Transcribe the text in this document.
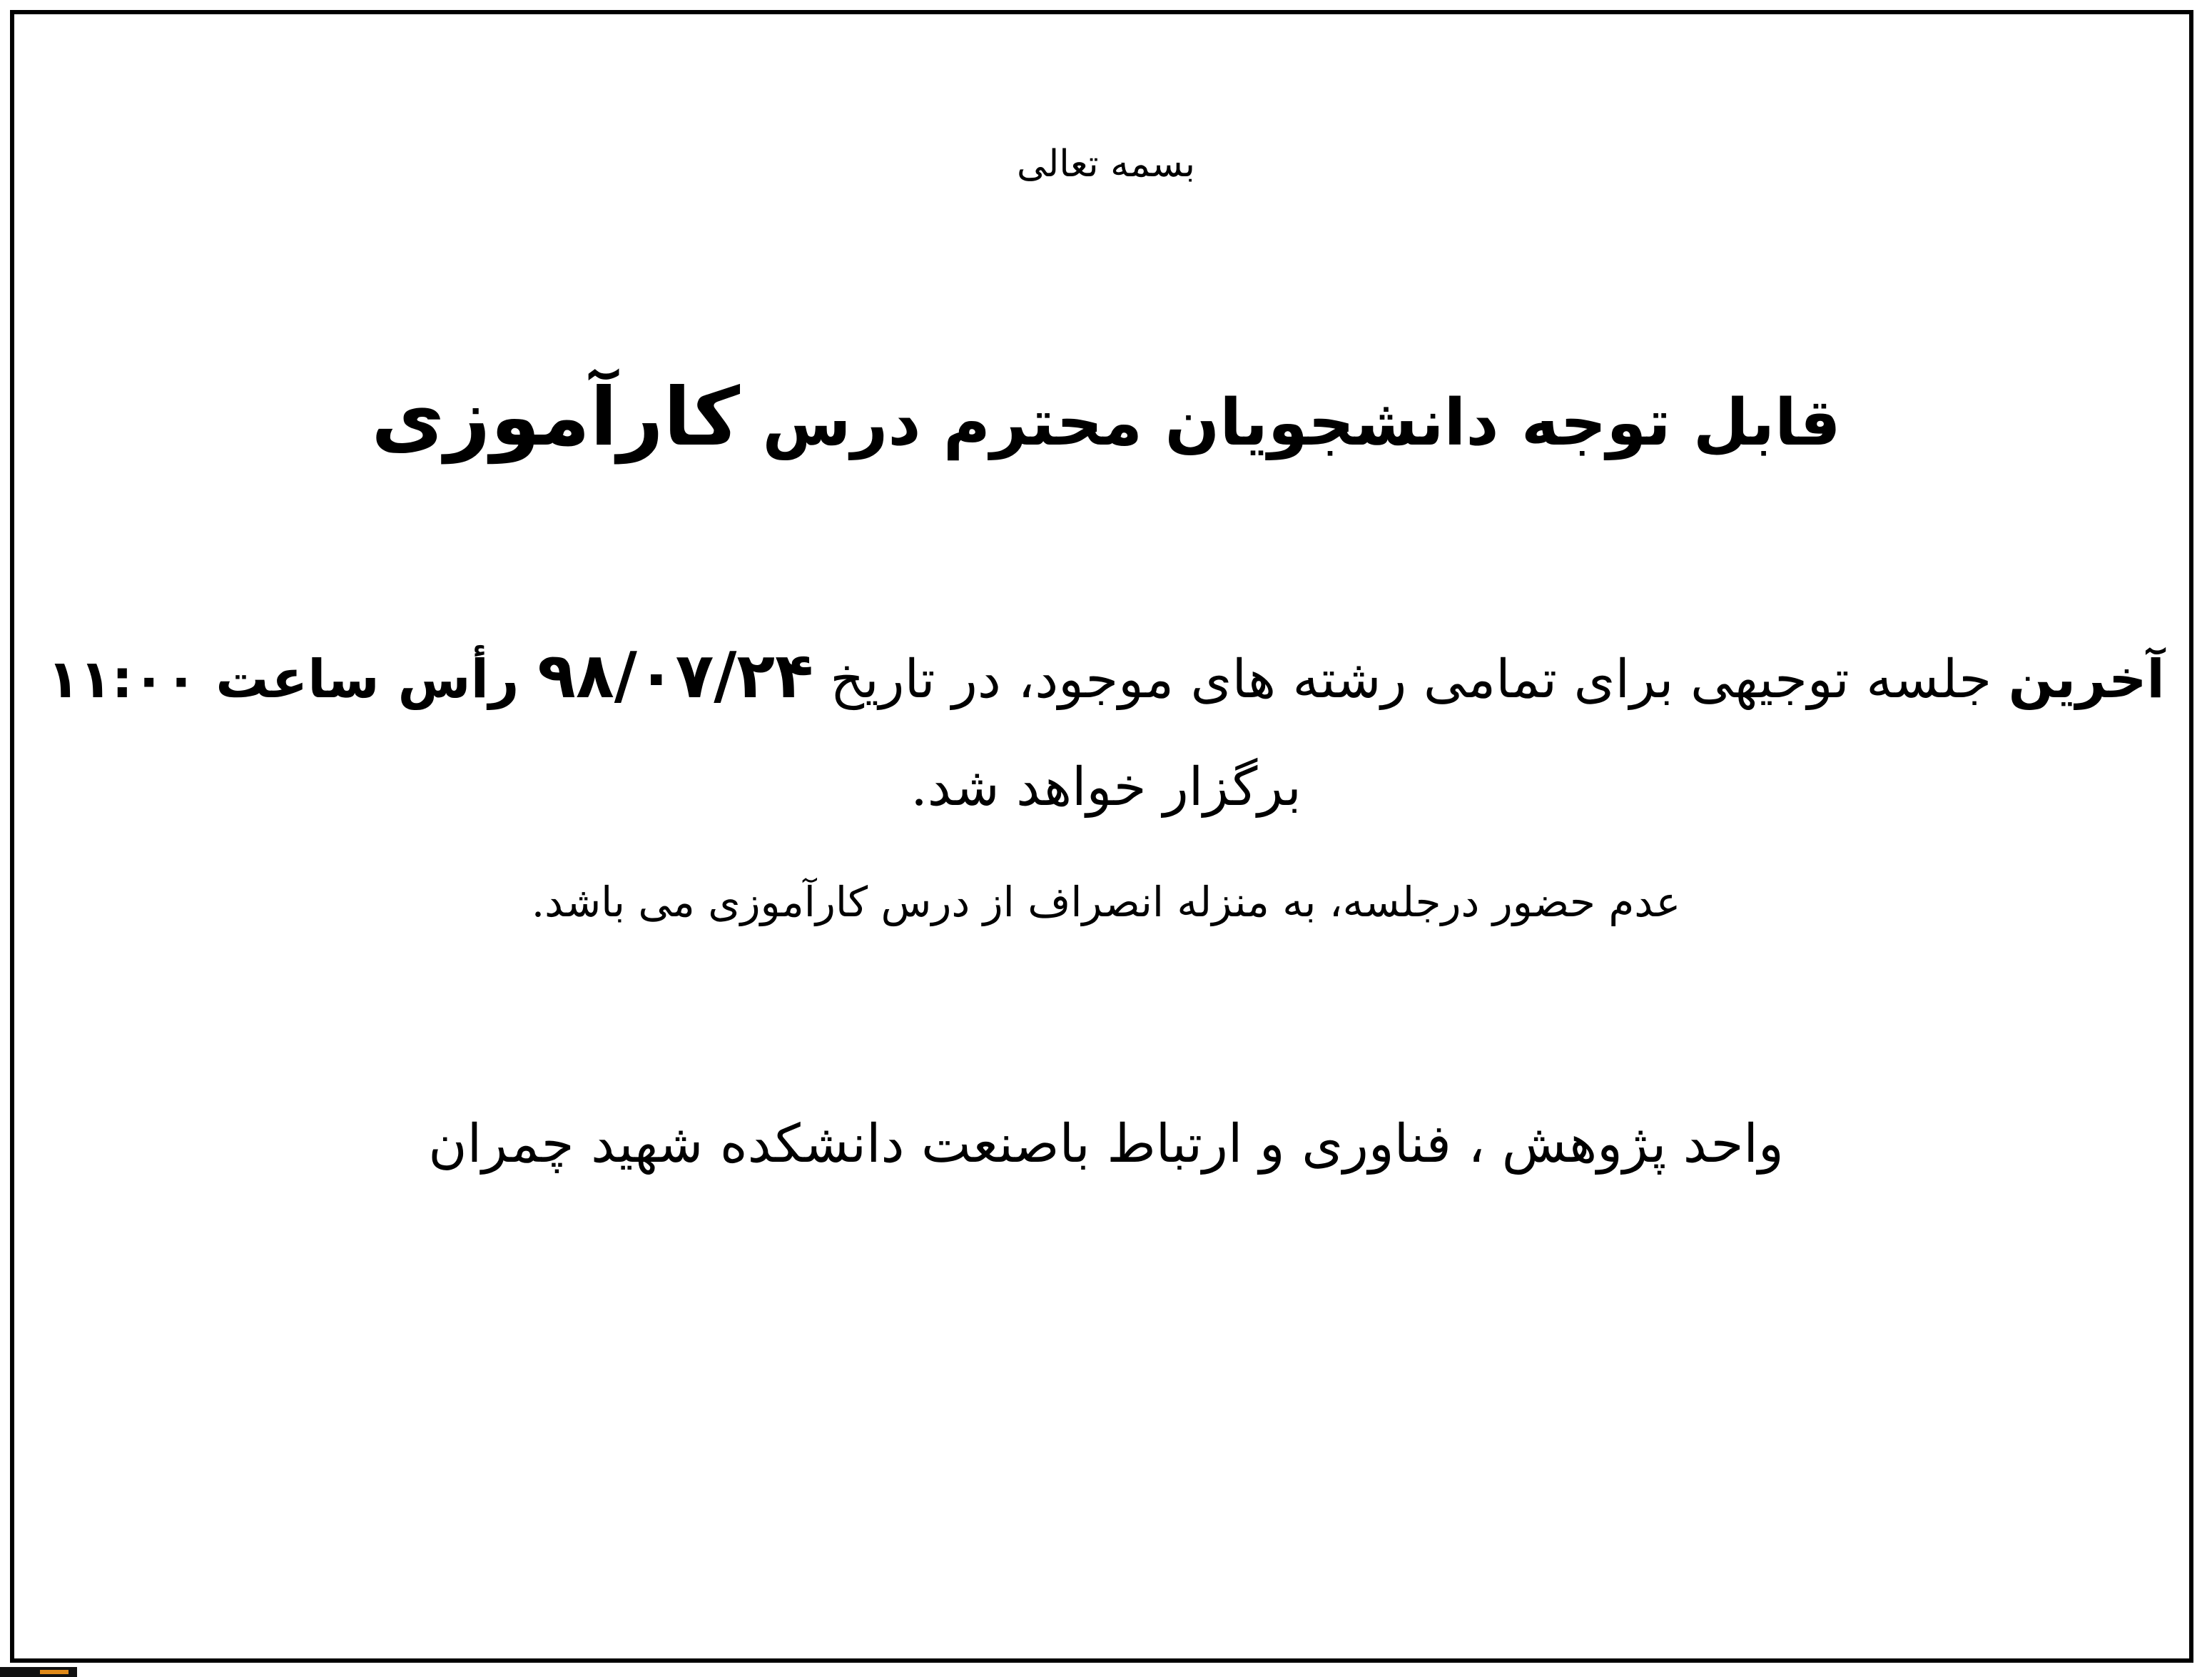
بسمه تعالی
قابل توجه دانشجویان محترم درس کارآموزی
آخرین جلسه توجیهی برای تمامی رشته های موجود، در تاریخ ۹۸/۰۷/۲۴ رأس ساعت ۱۱:۰۰
برگزار خواهد شد.
عدم حضور درجلسه، به منزله انصراف از درس کارآموزی می باشد.
واحد پژوهش ، فناوری و ارتباط باصنعت دانشکده شهید چمران
